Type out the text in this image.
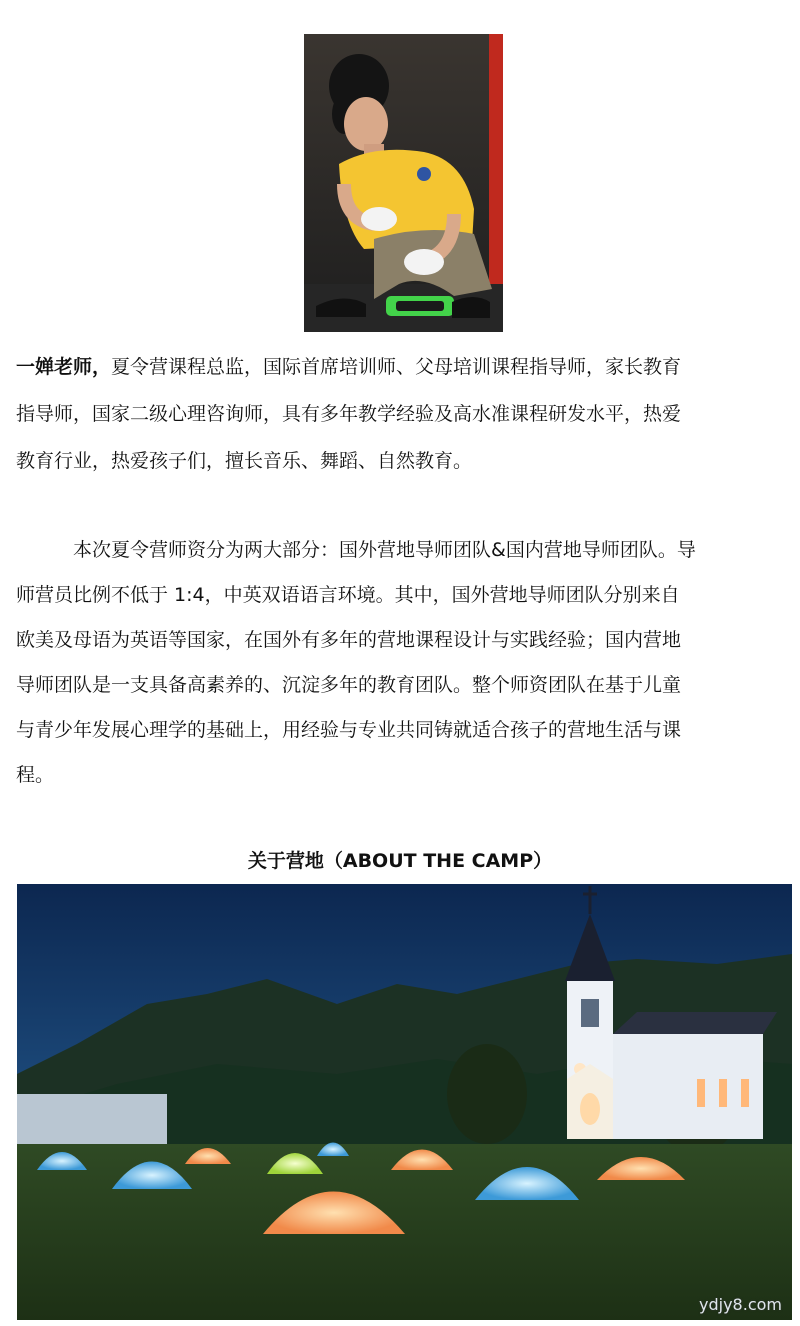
一婵老师，夏令营课程总监，国际首席培训师、父母培训课程指导师，家长教育
指导师，国家二级心理咨询师，具有多年教学经验及高水准课程研发水平，热爱
教育行业，热爱孩子们，擅长音乐、舞蹈、自然教育。

本次夏令营师资分为两大部分：国外营地导师团队&国内营地导师团队。导
师营员比例不低于 1:4，中英双语语言环境。其中，国外营地导师团队分别来自
欧美及母语为英语等国家，在国外有多年的营地课程设计与实践经验；国内营地
导师团队是一支具备高素养的、沉淀多年的教育团队。整个师资团队在基于儿童
与青少年发展心理学的基础上，用经验与专业共同铸就适合孩子的营地生活与课
程。

关于营地（ABOUT THE CAMP）
ydjy8.com
